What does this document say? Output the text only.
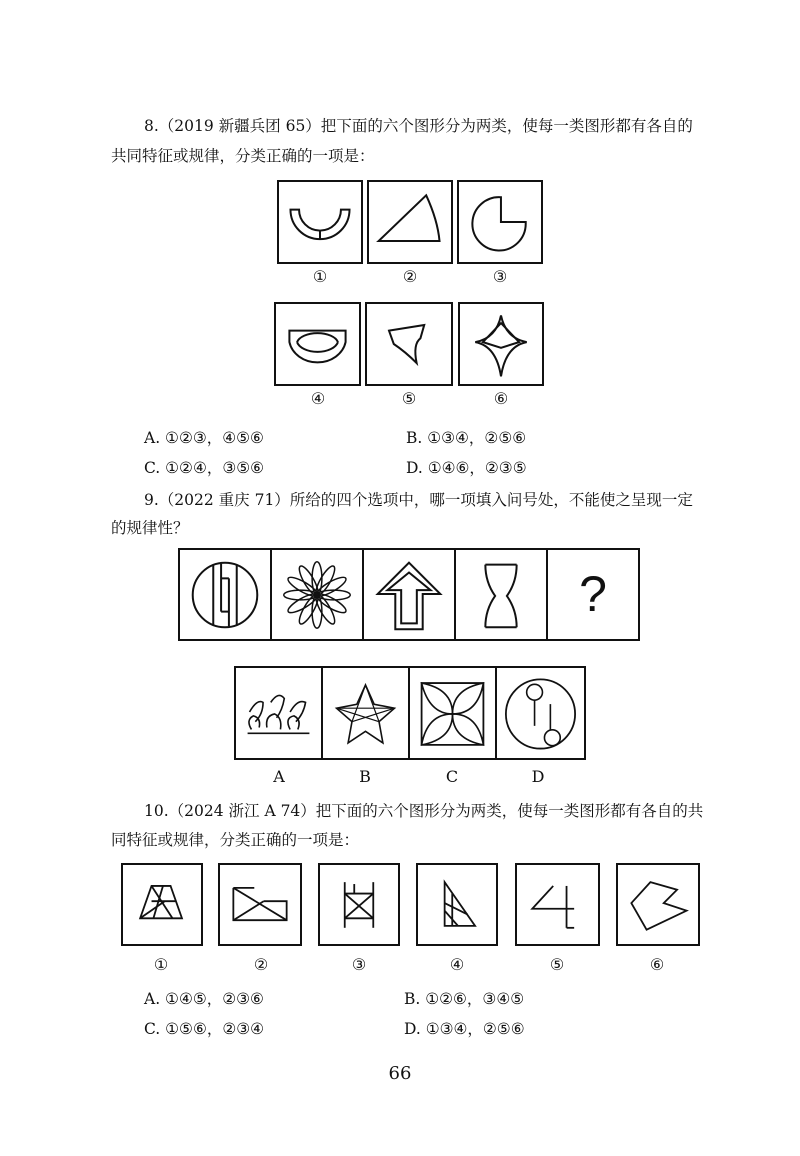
8.（2019 新疆兵团 65）把下面的六个图形分为两类，使每一类图形都有各自的
共同特征或规律，分类正确的一项是：
①	②	③
④	⑤	⑥
A. ①②③，④⑤⑥	B. ①③④，②⑤⑥
C. ①②④，③⑤⑥	D. ①④⑥，②③⑤
9.（2022 重庆 71）所给的四个选项中，哪一项填入问号处，不能使之呈现一定
的规律性？
?
A	B	C	D
10.（2024 浙江 A 74）把下面的六个图形分为两类，使每一类图形都有各自的共
同特征或规律，分类正确的一项是：
①	②	③	④	⑤	⑥
A. ①④⑤，②③⑥	B. ①②⑥，③④⑤
C. ①⑤⑥，②③④	D. ①③④，②⑤⑥
66
